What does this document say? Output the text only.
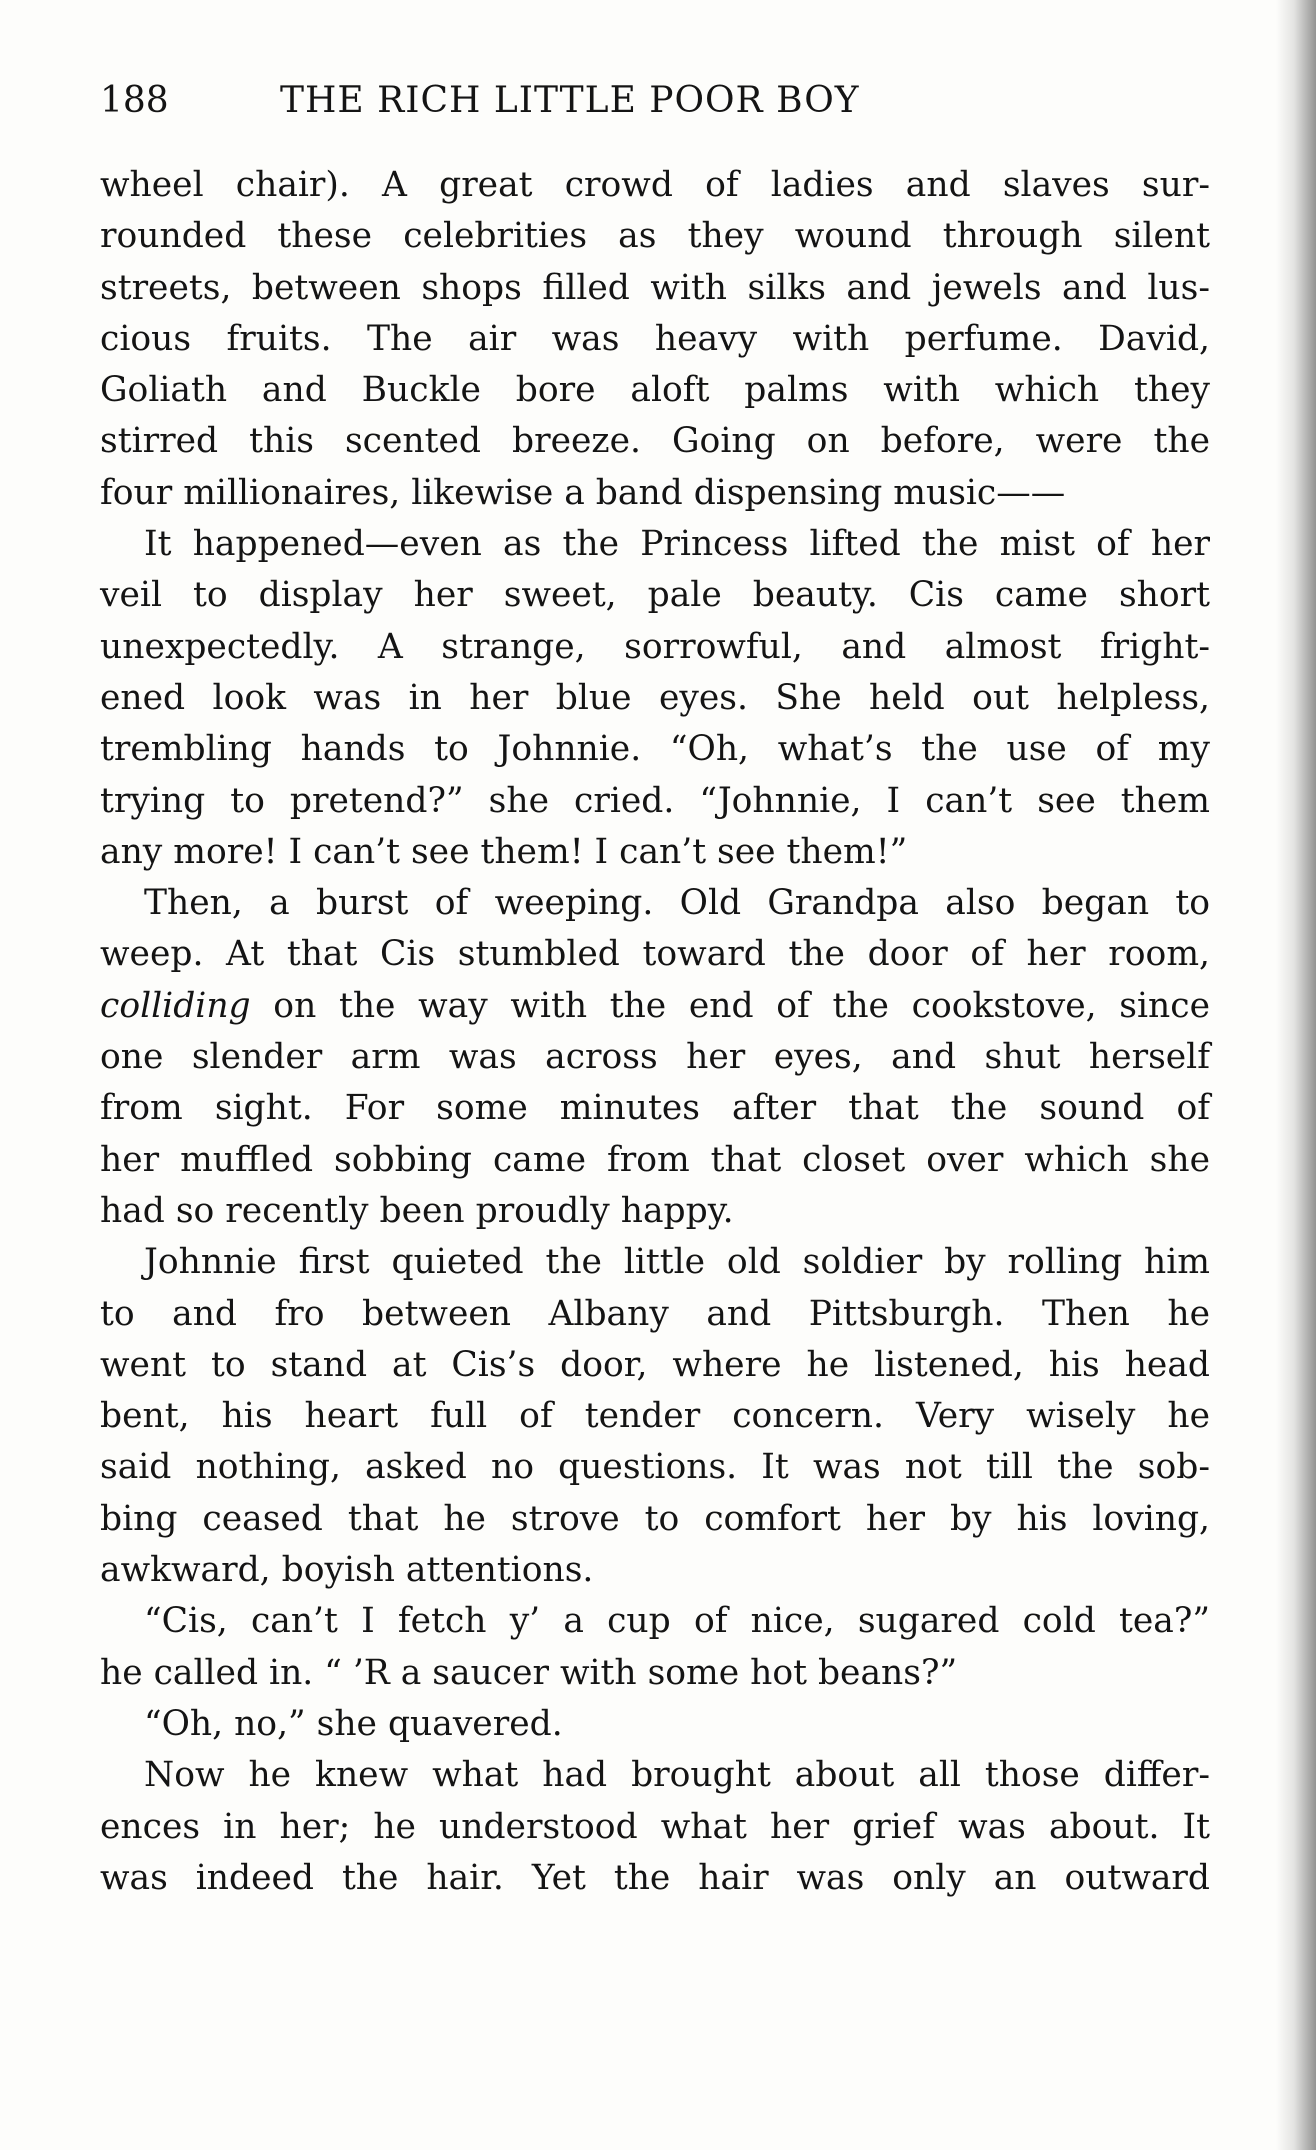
188	THE RICH LITTLE POOR BOY
wheel chair). A great crowd of ladies and slaves sur-
rounded these celebrities as they wound through silent
streets, between shops filled with silks and jewels and lus-
cious fruits. The air was heavy with perfume. David,
Goliath and Buckle bore aloft palms with which they
stirred this scented breeze. Going on before, were the
four millionaires, likewise a band dispensing music——
It happened—even as the Princess lifted the mist of her
veil to display her sweet, pale beauty. Cis came short
unexpectedly. A strange, sorrowful, and almost fright-
ened look was in her blue eyes. She held out helpless,
trembling hands to Johnnie. “Oh, what’s the use of my
trying to pretend?” she cried. “Johnnie, I can’t see them
any more! I can’t see them! I can’t see them!”
Then, a burst of weeping. Old Grandpa also began to
weep. At that Cis stumbled toward the door of her room,
colliding on the way with the end of the cookstove, since
one slender arm was across her eyes, and shut herself
from sight. For some minutes after that the sound of
her muffled sobbing came from that closet over which she
had so recently been proudly happy.
Johnnie first quieted the little old soldier by rolling him
to and fro between Albany and Pittsburgh. Then he
went to stand at Cis’s door, where he listened, his head
bent, his heart full of tender concern. Very wisely he
said nothing, asked no questions. It was not till the sob-
bing ceased that he strove to comfort her by his loving,
awkward, boyish attentions.
“Cis, can’t I fetch y’ a cup of nice, sugared cold tea?”
he called in. “ ’R a saucer with some hot beans?”
“Oh, no,” she quavered.
Now he knew what had brought about all those differ-
ences in her; he understood what her grief was about. It
was indeed the hair. Yet the hair was only an outward
